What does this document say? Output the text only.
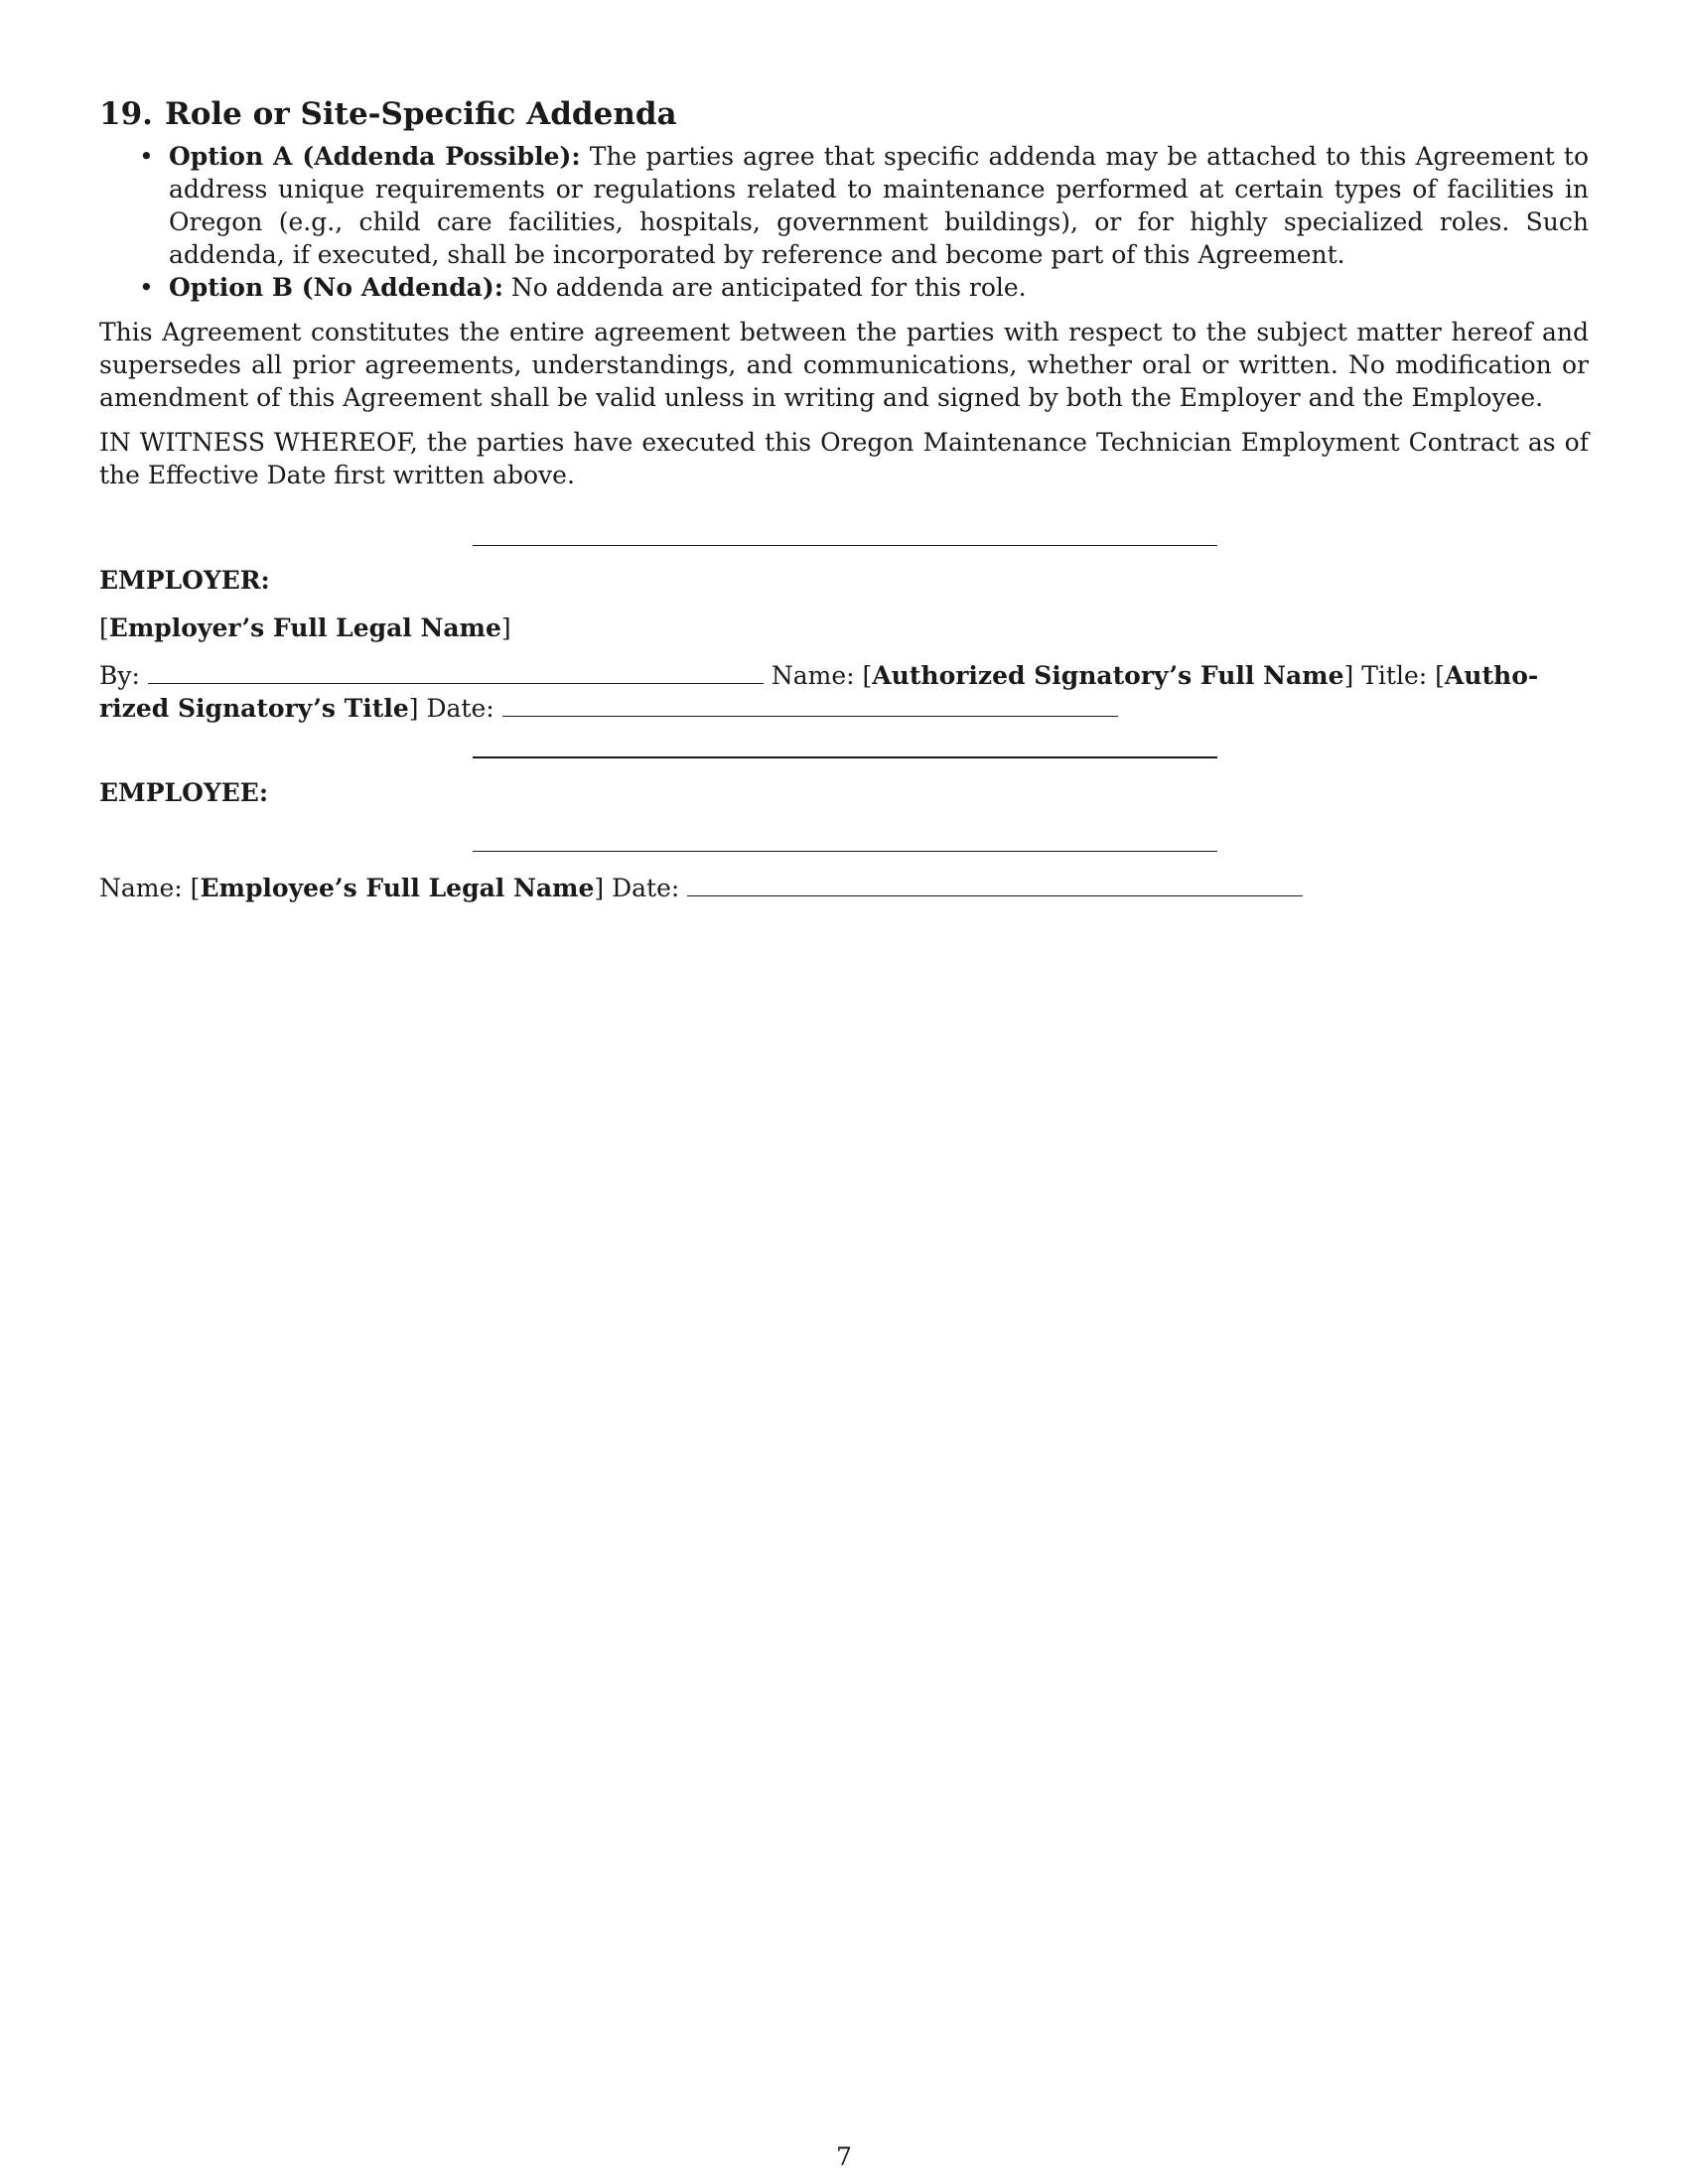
19. Role or Site-Specific Addenda
• Option A (Addenda Possible): The parties agree that specific addenda may be attached to this Agreement to address unique requirements or regulations related to maintenance performed at certain types of facilities in Oregon (e.g., child care facilities, hospitals, government buildings), or for highly specialized roles. Such addenda, if executed, shall be incorporated by reference and become part of this Agreement.
• Option B (No Addenda): No addenda are anticipated for this role.

This Agreement constitutes the entire agreement between the parties with respect to the subject matter hereof and supersedes all prior agreements, understandings, and communications, whether oral or written. No modification or amendment of this Agreement shall be valid unless in writing and signed by both the Employer and the Employee.

IN WITNESS WHEREOF, the parties have executed this Oregon Maintenance Technician Employment Contract as of the Effective Date first written above.

EMPLOYER:

[Employer’s Full Legal Name]

By:	Name: [Authorized Signatory’s Full Name] Title: [Autho-
rized Signatory’s Title] Date:

EMPLOYEE:

Name: [Employee’s Full Legal Name] Date:

7
